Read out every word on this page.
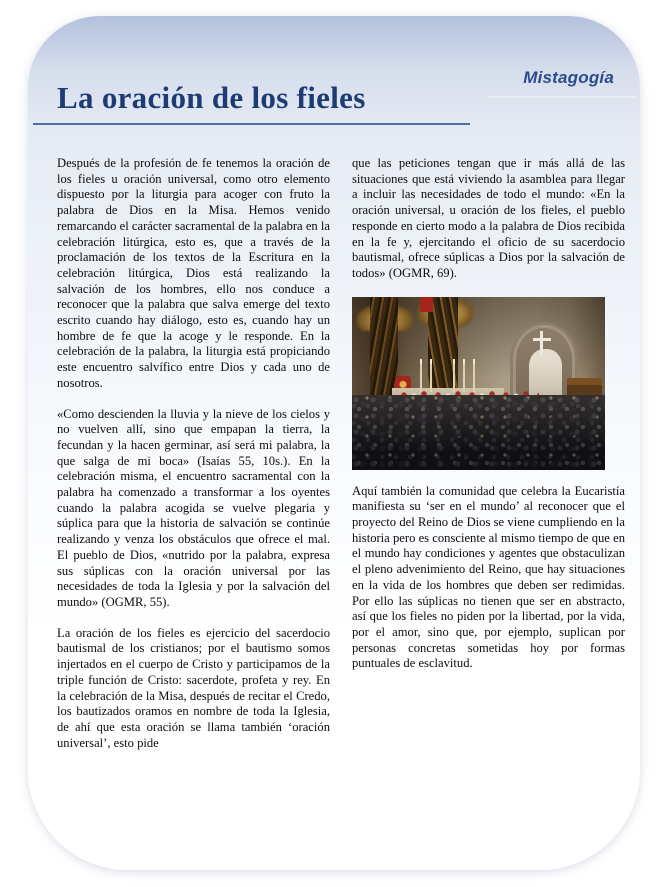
Mistagogía
La oración de los fieles

Después de la profesión de fe tenemos la oración de los fieles u oración universal, como otro elemento dispuesto por la liturgia para acoger con fruto la palabra de Dios en la Misa. Hemos venido remarcando el carácter sacramental de la palabra en la celebración litúrgica, esto es, que a través de la proclamación de los textos de la Escritura en la celebración litúrgica, Dios está realizando la salvación de los hombres, ello nos conduce a reconocer que la palabra que salva emerge del texto escrito cuando hay diálogo, esto es, cuando hay un hombre de fe que la acoge y le responde. En la celebración de la palabra, la liturgia está propiciando este encuentro salvífico entre Dios y cada uno de nosotros.

«Como descienden la lluvia y la nieve de los cielos y no vuelven allí, sino que empapan la tierra, la fecundan y la hacen germinar, así será mi palabra, la que salga de mi boca» (Isaías 55, 10s.). En la celebración misma, el encuentro sacramental con la palabra ha comenzado a transformar a los oyentes cuando la palabra acogida se vuelve plegaria y súplica para que la historia de salvación se continúe realizando y venza los obstáculos que ofrece el mal. El pueblo de Dios, «nutrido por la palabra, expresa sus súplicas con la oración universal por las necesidades de toda la Iglesia y por la salvación del mundo» (OGMR, 55).

La oración de los fieles es ejercicio del sacerdocio bautismal de los cristianos; por el bautismo somos injertados en el cuerpo de Cristo y participamos de la triple función de Cristo: sacerdote, profeta y rey. En la celebración de la Misa, después de recitar el Credo, los bautizados oramos en nombre de toda la Iglesia, de ahí que esta oración se llama también ‘oración universal’, esto pide

que las peticiones tengan que ir más allá de las situaciones que está viviendo la asamblea para llegar a incluir las necesidades de todo el mundo: «En la oración universal, u oración de los fieles, el pueblo responde en cierto modo a la palabra de Dios recibida en la fe y, ejercitando el oficio de su sacerdocio bautismal, ofrece súplicas a Dios por la salvación de todos» (OGMR, 69).

Aquí también la comunidad que celebra la Eucaristía manifiesta su ‘ser en el mundo’ al reconocer que el proyecto del Reino de Dios se viene cumpliendo en la historia pero es consciente al mismo tiempo de que en el mundo hay condiciones y agentes que obstaculizan el pleno advenimiento del Reino, que hay situaciones en la vida de los hombres que deben ser redimidas. Por ello las súplicas no tienen que ser en abstracto, así que los fieles no piden por la libertad, por la vida, por el amor, sino que, por ejemplo, suplican por personas concretas sometidas hoy por formas puntuales de esclavitud.
